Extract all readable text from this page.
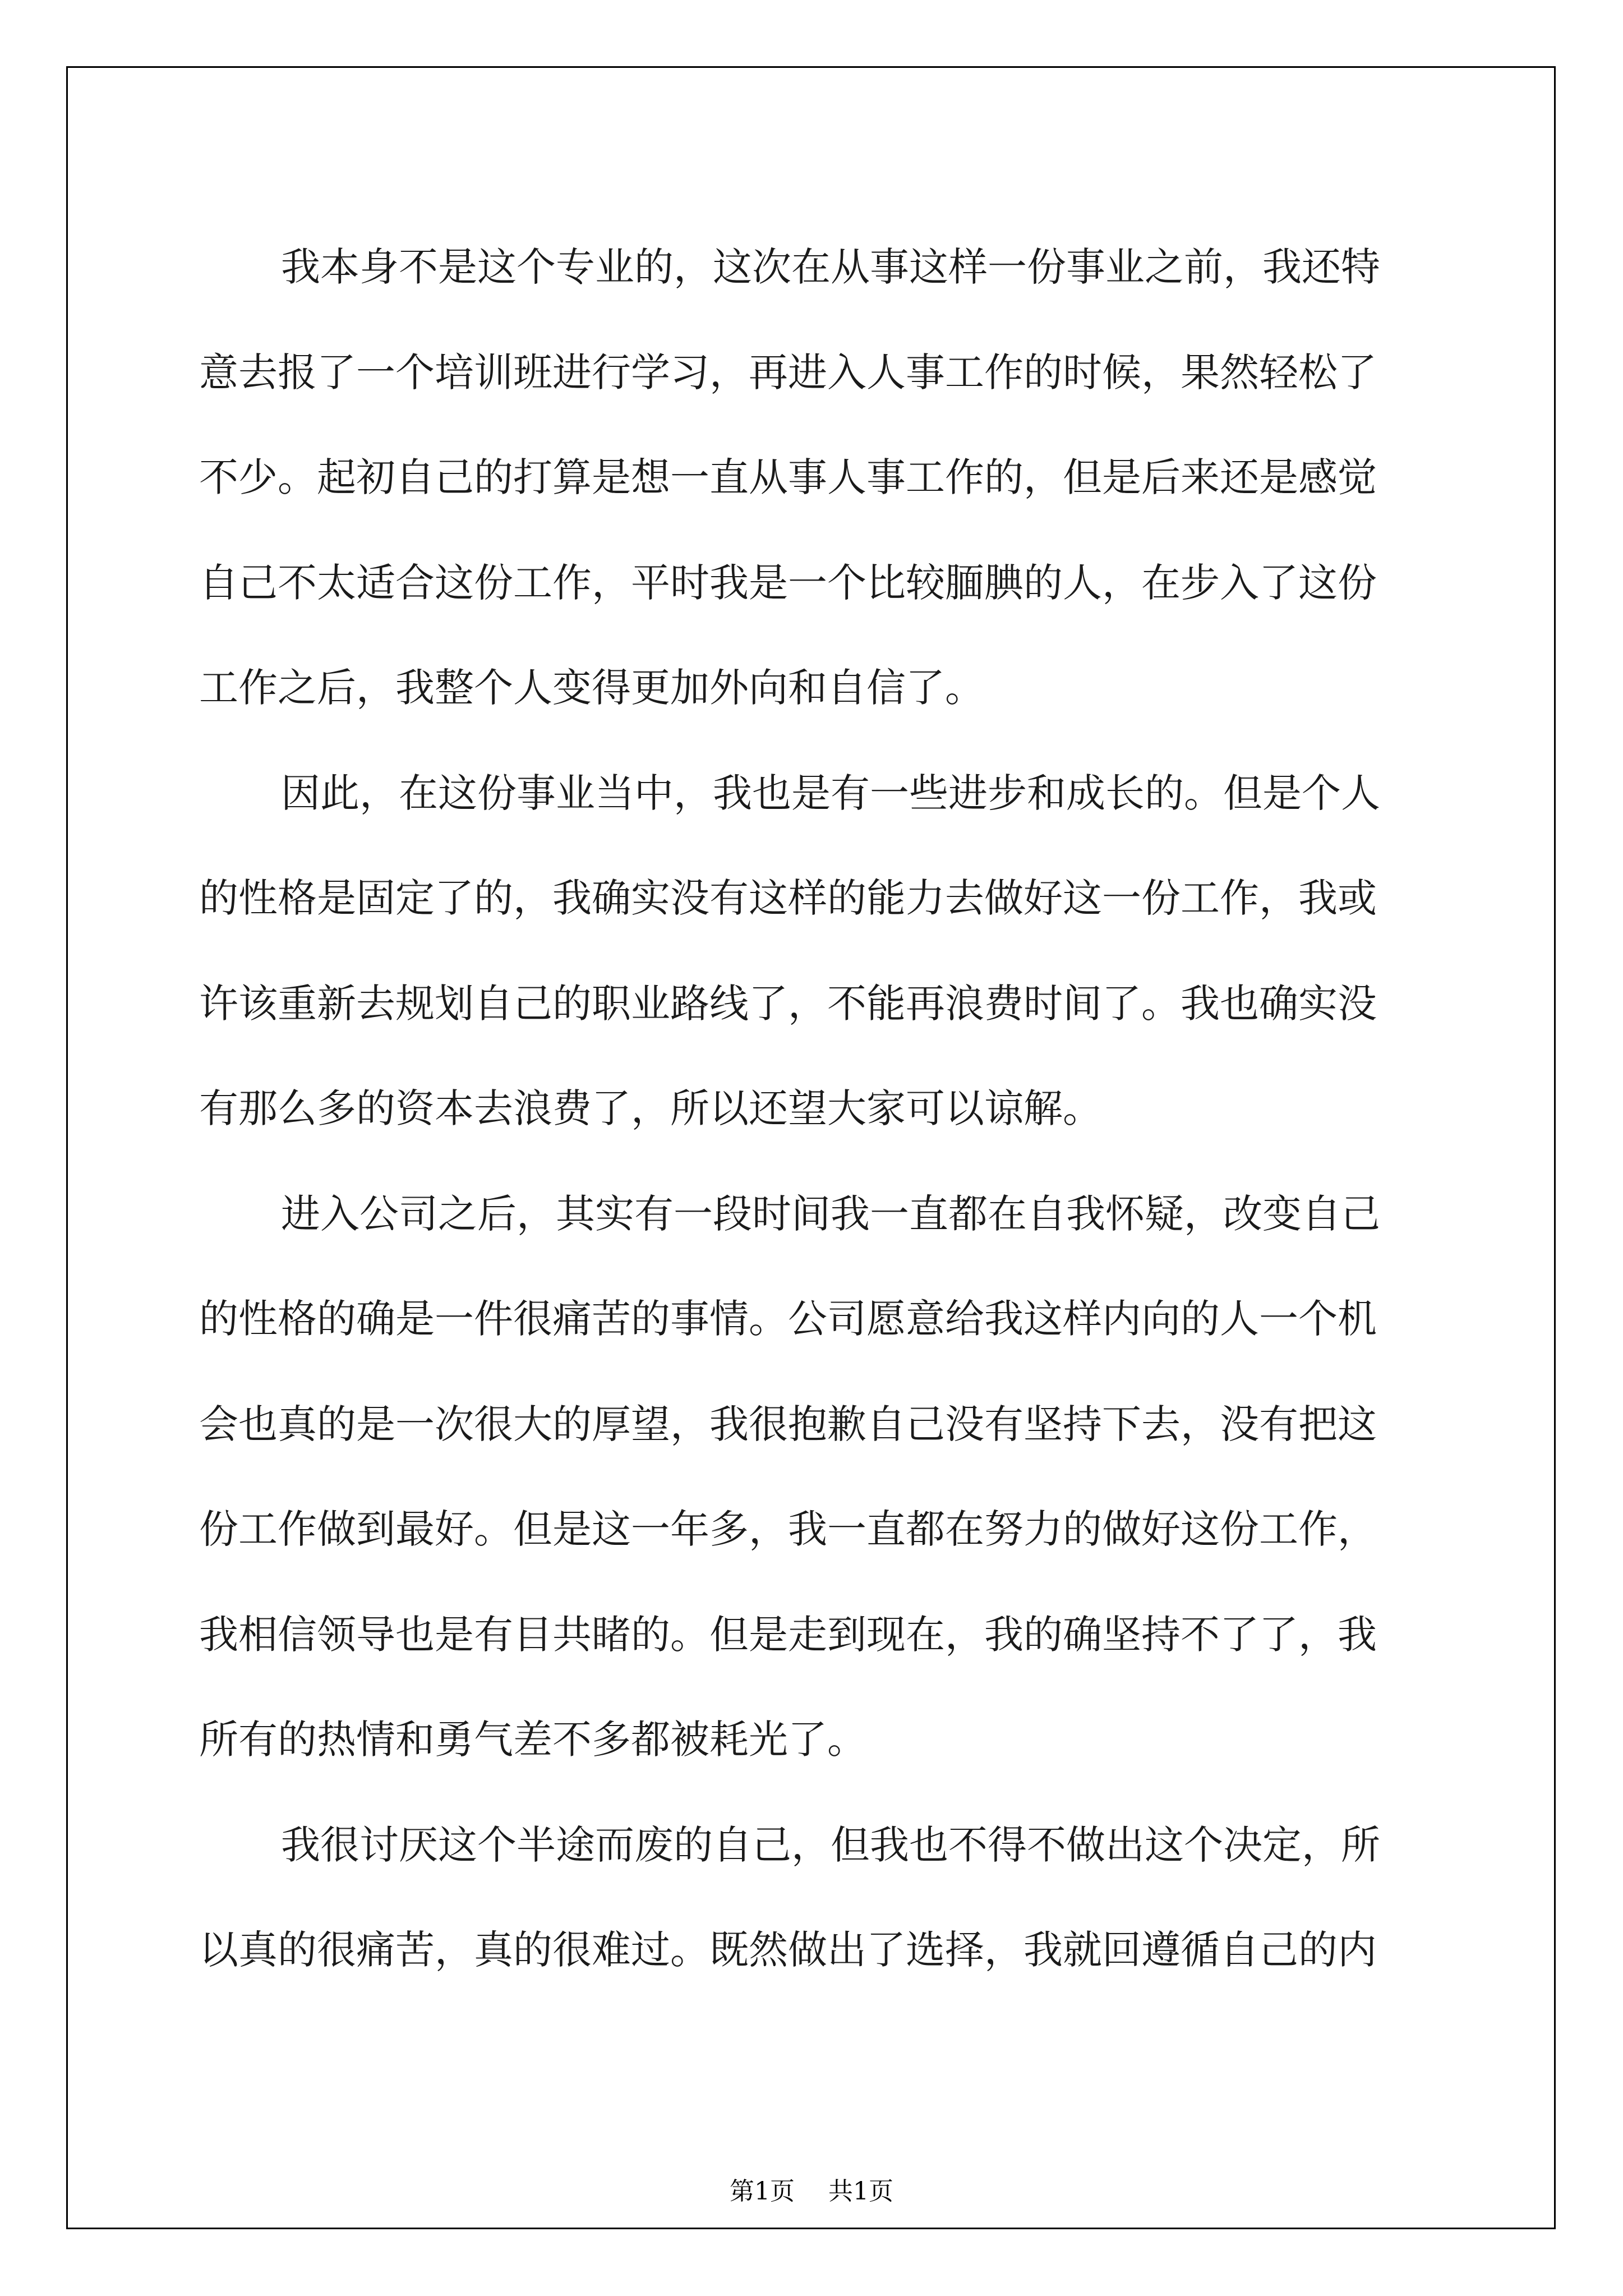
我本身不是这个专业的，这次在从事这样一份事业之前，我还特
意去报了一个培训班进行学习，再进入人事工作的时候，果然轻松了
不少。起初自己的打算是想一直从事人事工作的，但是后来还是感觉
自己不太适合这份工作，平时我是一个比较腼腆的人，在步入了这份
工作之后，我整个人变得更加外向和自信了。
因此，在这份事业当中，我也是有一些进步和成长的。但是个人
的性格是固定了的，我确实没有这样的能力去做好这一份工作，我或
许该重新去规划自己的职业路线了，不能再浪费时间了。我也确实没
有那么多的资本去浪费了，所以还望大家可以谅解。
进入公司之后，其实有一段时间我一直都在自我怀疑，改变自己
的性格的确是一件很痛苦的事情。公司愿意给我这样内向的人一个机
会也真的是一次很大的厚望，我很抱歉自己没有坚持下去，没有把这
份工作做到最好。但是这一年多，我一直都在努力的做好这份工作，
我相信领导也是有目共睹的。但是走到现在，我的确坚持不了了，我
所有的热情和勇气差不多都被耗光了。
我很讨厌这个半途而废的自己，但我也不得不做出这个决定，所
以真的很痛苦，真的很难过。既然做出了选择，我就回遵循自己的内
第1页 共1页
